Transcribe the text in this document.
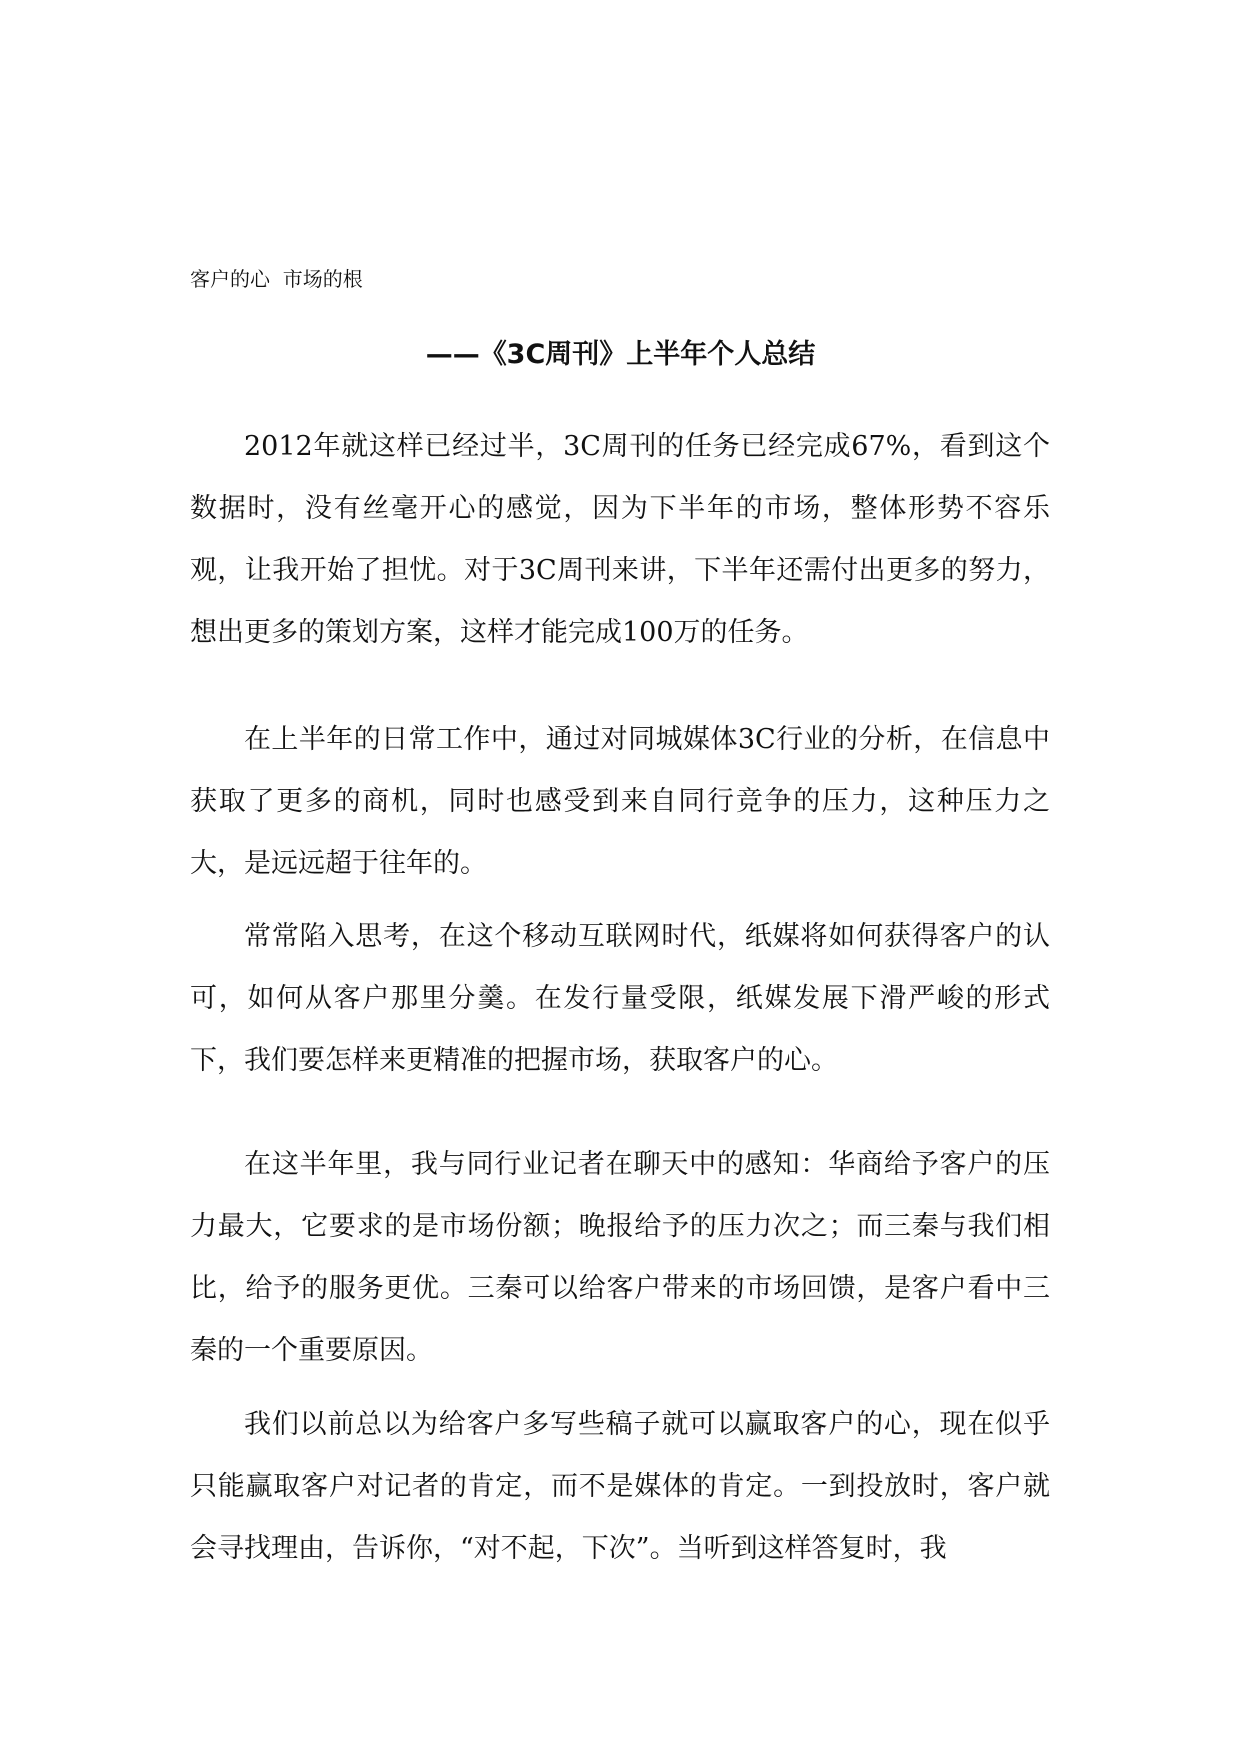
客户的心  市场的根
——《3C周刊》上半年个人总结

2012年就这样已经过半，3C周刊的任务已经完成67%，看到这个数据时，没有丝毫开心的感觉，因为下半年的市场，整体形势不容乐观，让我开始了担忧。对于3C周刊来讲，下半年还需付出更多的努力，想出更多的策划方案，这样才能完成100万的任务。

在上半年的日常工作中，通过对同城媒体3C行业的分析，在信息中获取了更多的商机，同时也感受到来自同行竞争的压力，这种压力之大，是远远超于往年的。

常常陷入思考，在这个移动互联网时代，纸媒将如何获得客户的认可，如何从客户那里分羹。在发行量受限，纸媒发展下滑严峻的形式下，我们要怎样来更精准的把握市场，获取客户的心。

在这半年里，我与同行业记者在聊天中的感知：华商给予客户的压力最大，它要求的是市场份额；晚报给予的压力次之；而三秦与我们相比，给予的服务更优。三秦可以给客户带来的市场回馈，是客户看中三秦的一个重要原因。

我们以前总以为给客户多写些稿子就可以赢取客户的心，现在似乎只能赢取客户对记者的肯定，而不是媒体的肯定。一到投放时，客户就会寻找理由，告诉你，“对不起，下次”。当听到这样答复时，我
